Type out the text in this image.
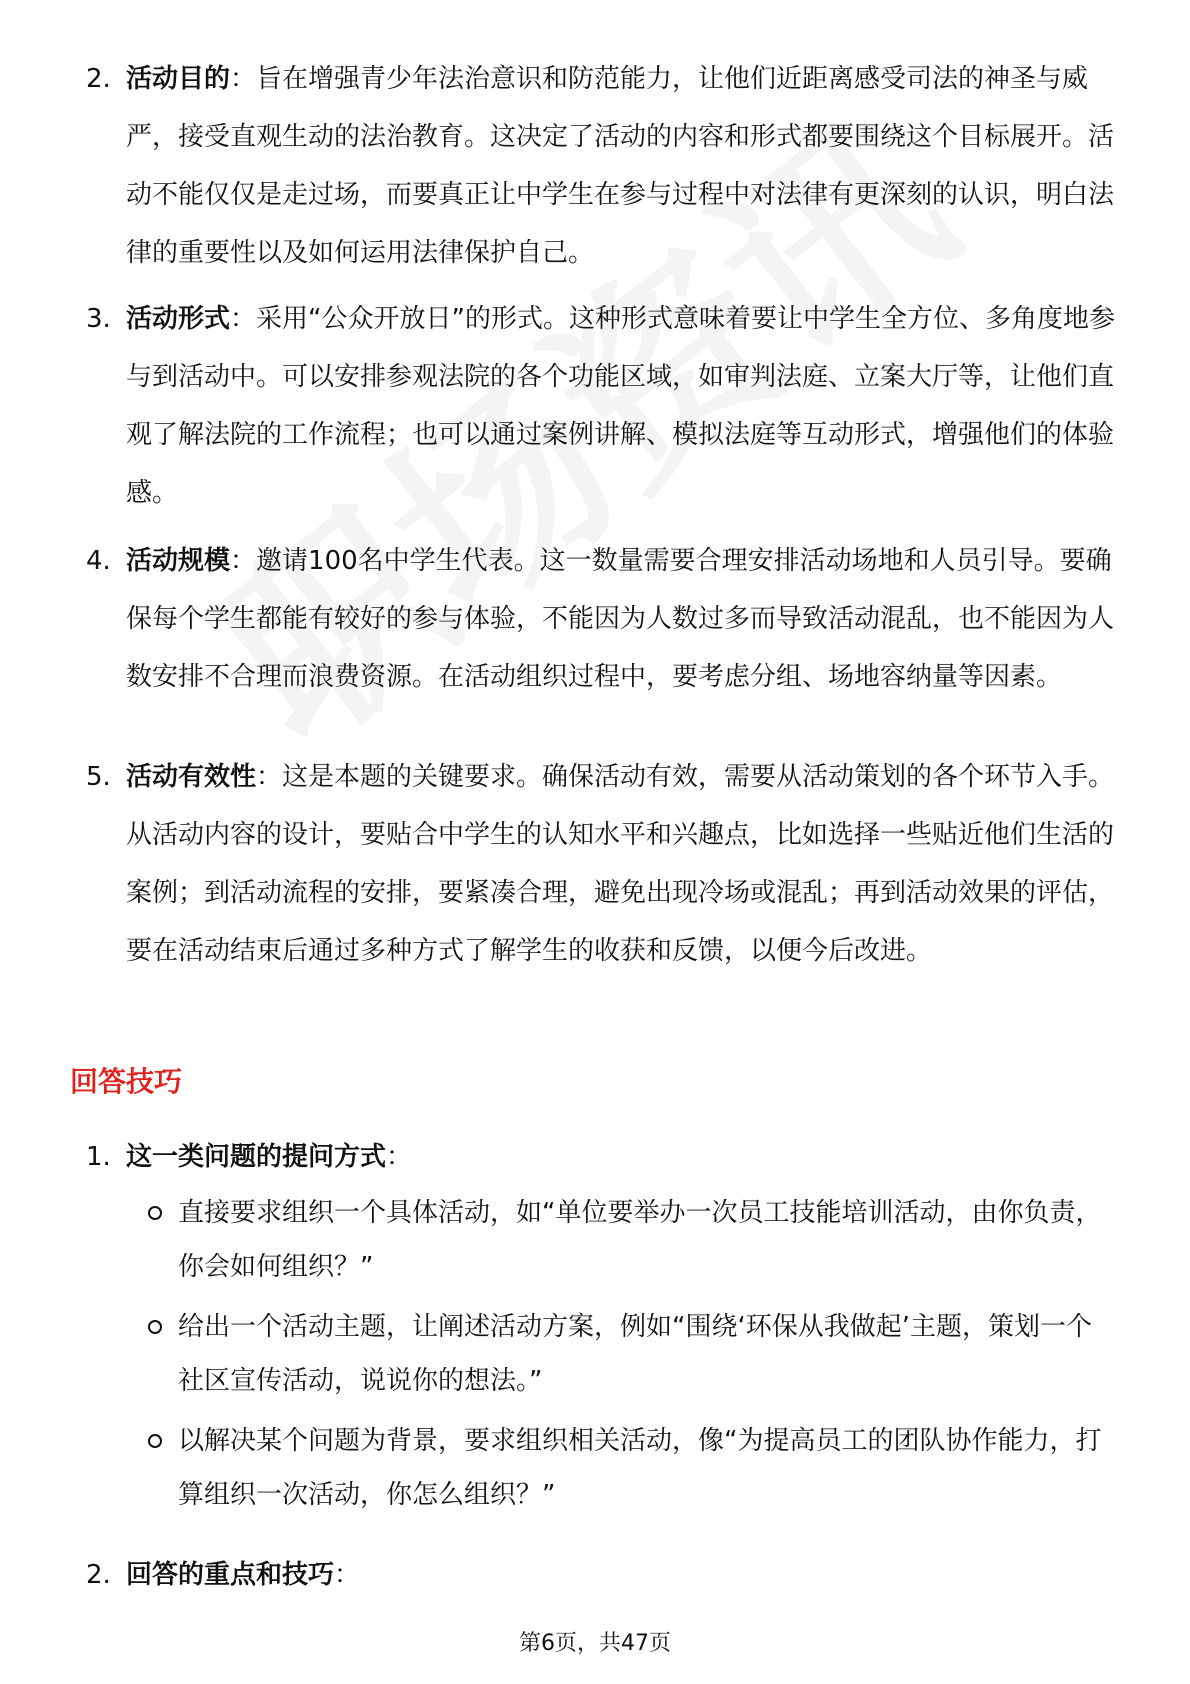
2. 活动目的：旨在增强青少年法治意识和防范能力，让他们近距离感受司法的神圣与威严，接受直观生动的法治教育。这决定了活动的内容和形式都要围绕这个目标展开。活动不能仅仅是走过场，而要真正让中学生在参与过程中对法律有更深刻的认识，明白法律的重要性以及如何运用法律保护自己。
3. 活动形式：采用“公众开放日”的形式。这种形式意味着要让中学生全方位、多角度地参与到活动中。可以安排参观法院的各个功能区域，如审判法庭、立案大厅等，让他们直观了解法院的工作流程；也可以通过案例讲解、模拟法庭等互动形式，增强他们的体验感。
4. 活动规模：邀请100名中学生代表。这一数量需要合理安排活动场地和人员引导。要确保每个学生都能有较好的参与体验，不能因为人数过多而导致活动混乱，也不能因为人数安排不合理而浪费资源。在活动组织过程中，要考虑分组、场地容纳量等因素。
5. 活动有效性：这是本题的关键要求。确保活动有效，需要从活动策划的各个环节入手。从活动内容的设计，要贴合中学生的认知水平和兴趣点，比如选择一些贴近他们生活的案例；到活动流程的安排，要紧凑合理，避免出现冷场或混乱；再到活动效果的评估，要在活动结束后通过多种方式了解学生的收获和反馈，以便今后改进。
回答技巧
1. 这一类问题的提问方式：
直接要求组织一个具体活动，如“单位要举办一次员工技能培训活动，由你负责，你会如何组织？”
给出一个活动主题，让阐述活动方案，例如“围绕‘环保从我做起’主题，策划一个社区宣传活动，说说你的想法。”
以解决某个问题为背景，要求组织相关活动，像“为提高员工的团队协作能力，打算组织一次活动，你怎么组织？”
2. 回答的重点和技巧：
第6页，共47页
